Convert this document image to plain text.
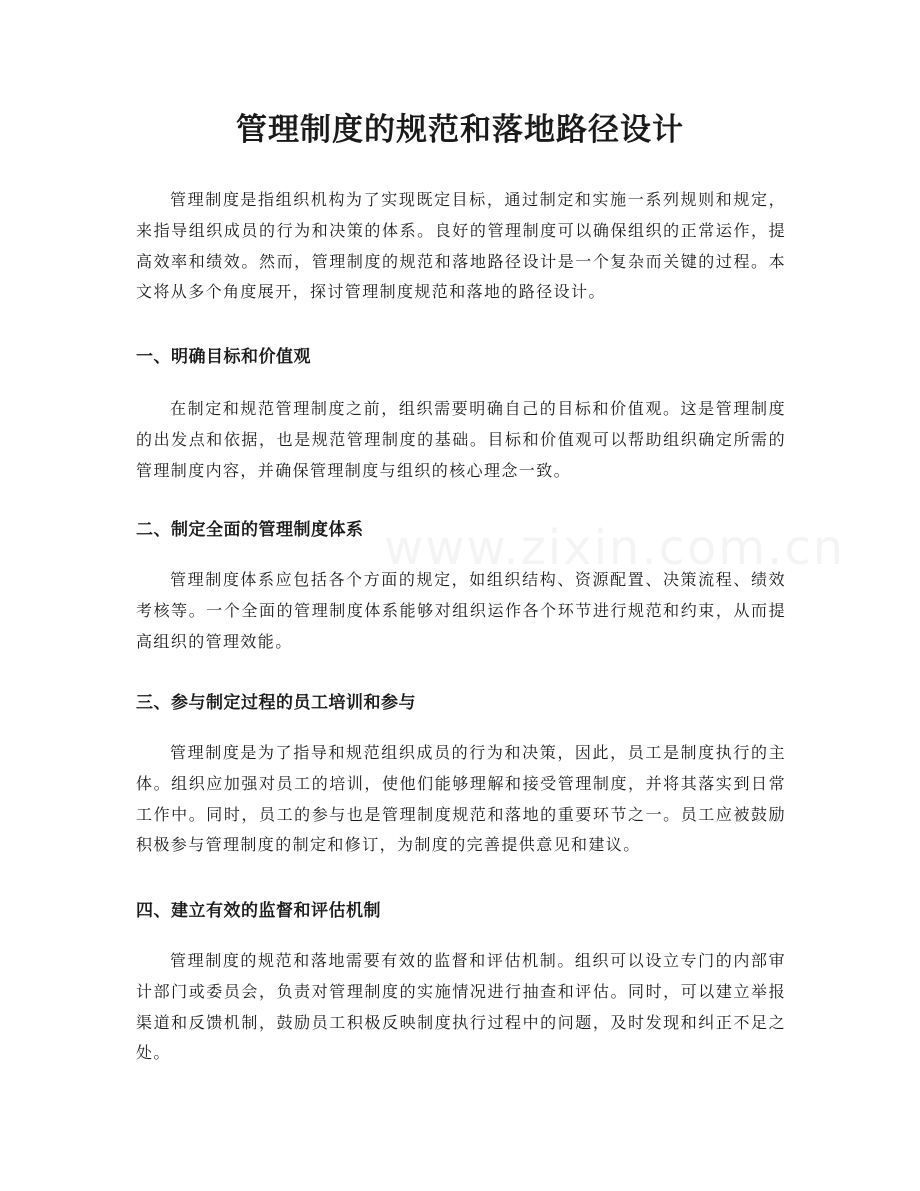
管理制度的规范和落地路径设计

管理制度是指组织机构为了实现既定目标，通过制定和实施一系列规则和规定，来指导组织成员的行为和决策的体系。良好的管理制度可以确保组织的正常运作，提高效率和绩效。然而，管理制度的规范和落地路径设计是一个复杂而关键的过程。本文将从多个角度展开，探讨管理制度规范和落地的路径设计。

一、明确目标和价值观

在制定和规范管理制度之前，组织需要明确自己的目标和价值观。这是管理制度的出发点和依据，也是规范管理制度的基础。目标和价值观可以帮助组织确定所需的管理制度内容，并确保管理制度与组织的核心理念一致。

二、制定全面的管理制度体系

管理制度体系应包括各个方面的规定，如组织结构、资源配置、决策流程、绩效考核等。一个全面的管理制度体系能够对组织运作各个环节进行规范和约束，从而提高组织的管理效能。

三、参与制定过程的员工培训和参与

管理制度是为了指导和规范组织成员的行为和决策，因此，员工是制度执行的主体。组织应加强对员工的培训，使他们能够理解和接受管理制度，并将其落实到日常工作中。同时，员工的参与也是管理制度规范和落地的重要环节之一。员工应被鼓励积极参与管理制度的制定和修订，为制度的完善提供意见和建议。

四、建立有效的监督和评估机制

管理制度的规范和落地需要有效的监督和评估机制。组织可以设立专门的内部审计部门或委员会，负责对管理制度的实施情况进行抽查和评估。同时，可以建立举报渠道和反馈机制，鼓励员工积极反映制度执行过程中的问题，及时发现和纠正不足之处。
